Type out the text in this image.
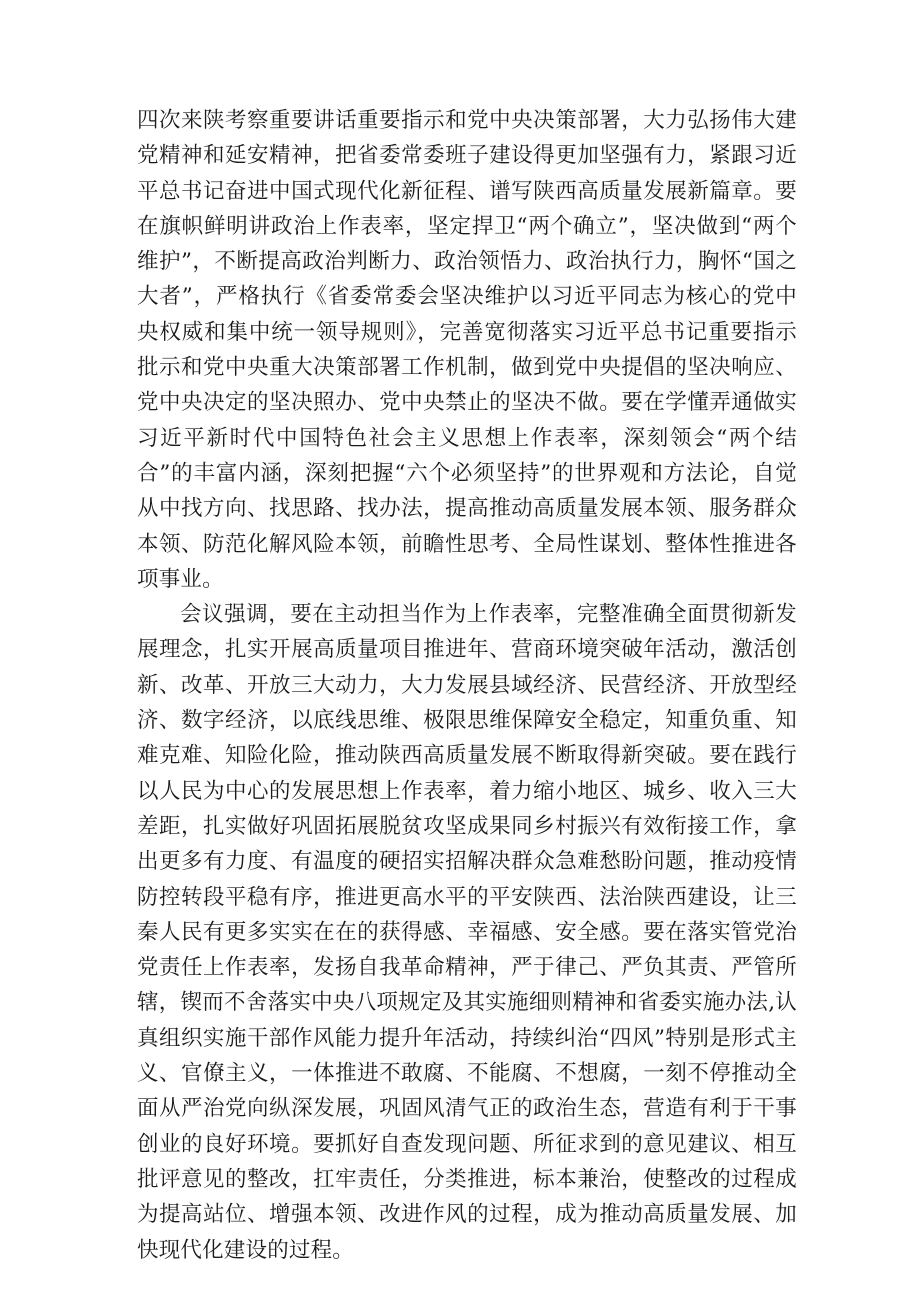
四次来陕考察重要讲话重要指示和党中央决策部署，大力弘扬伟大建党精神和延安精神，把省委常委班子建设得更加坚强有力，紧跟习近平总书记奋进中国式现代化新征程、谱写陕西高质量发展新篇章。要在旗帜鲜明讲政治上作表率，坚定捍卫“两个确立”，坚决做到“两个维护”，不断提高政治判断力、政治领悟力、政治执行力，胸怀“国之大者”，严格执行《省委常委会坚决维护以习近平同志为核心的党中央权威和集中统一领导规则》，完善宽彻落实习近平总书记重要指示批示和党中央重大决策部署工作机制，做到党中央提倡的坚决响应、党中央决定的坚决照办、党中央禁止的坚决不做。要在学懂弄通做实习近平新时代中国特色社会主义思想上作表率，深刻领会“两个结合”的丰富内涵，深刻把握“六个必须坚持”的世界观和方法论，自觉从中找方向、找思路、找办法，提高推动高质量发展本领、服务群众本领、防范化解风险本领，前瞻性思考、全局性谋划、整体性推进各项事业。

会议强调，要在主动担当作为上作表率，完整准确全面贯彻新发展理念，扎实开展高质量项目推进年、营商环境突破年活动，激活创新、改革、开放三大动力，大力发展县域经济、民营经济、开放型经济、数字经济，以底线思维、极限思维保障安全稳定，知重负重、知难克难、知险化险，推动陕西高质量发展不断取得新突破。要在践行以人民为中心的发展思想上作表率，着力缩小地区、城乡、收入三大差距，扎实做好巩固拓展脱贫攻坚成果同乡村振兴有效衔接工作，拿出更多有力度、有温度的硬招实招解决群众急难愁盼问题，推动疫情防控转段平稳有序，推进更高水平的平安陕西、法治陕西建设，让三秦人民有更多实实在在的获得感、幸福感、安全感。要在落实管党治党责任上作表率，发扬自我革命精神，严于律己、严负其责、严管所辖，锲而不舍落实中央八项规定及其实施细则精神和省委实施办法,认真组织实施干部作风能力提升年活动，持续纠治“四风”特别是形式主义、官僚主义，一体推进不敢腐、不能腐、不想腐，一刻不停推动全面从严治党向纵深发展，巩固风清气正的政治生态，营造有利于干事创业的良好环境。要抓好自查发现问题、所征求到的意见建议、相互批评意见的整改，扛牢责任，分类推进，标本兼治，使整改的过程成为提高站位、增强本领、改进作风的过程，成为推动高质量发展、加快现代化建设的过程。
